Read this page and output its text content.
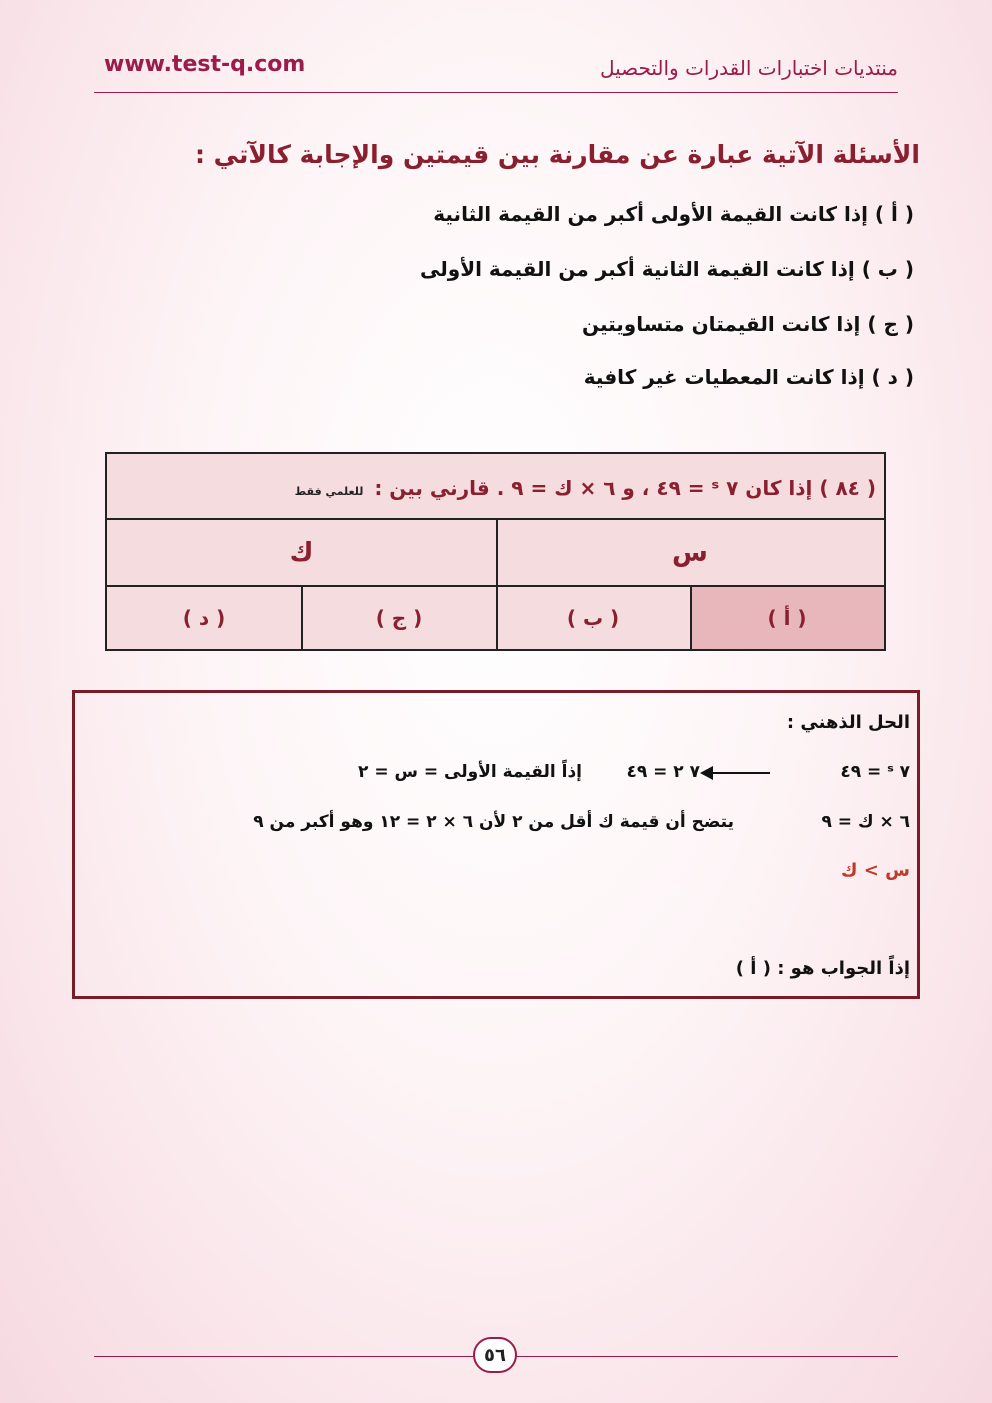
www.test-q.com	منتديات اختبارات القدرات والتحصيل
الأسئلة الآتية عبارة عن مقارنة بين قيمتين والإجابة كالآتي :
( أ ) إذا كانت القيمة الأولى أكبر من القيمة الثانية
( ب ) إذا كانت القيمة الثانية أكبر من القيمة الأولى
( ج ) إذا كانت القيمتان متساويتين
( د ) إذا كانت المعطيات غير كافية
( ٨٤ ) إذا كان ٧ ˢ = ٤٩ ، و ٦ × ك = ٩ . قارني بين : للعلمي فقط
س
ك
( أ )
( ب )
( ج )
( د )
الحل الذهني :
٧ ˢ = ٤٩
٧ ٢ = ٤٩
إذاً القيمة الأولى = س = ٢
٦ × ك = ٩
يتضح أن قيمة ك أقل من ٢ لأن ٦ × ٢ = ١٢ وهو أكبر من ٩
س > ك
إذاً الجواب هو : ( أ )
٥٦
